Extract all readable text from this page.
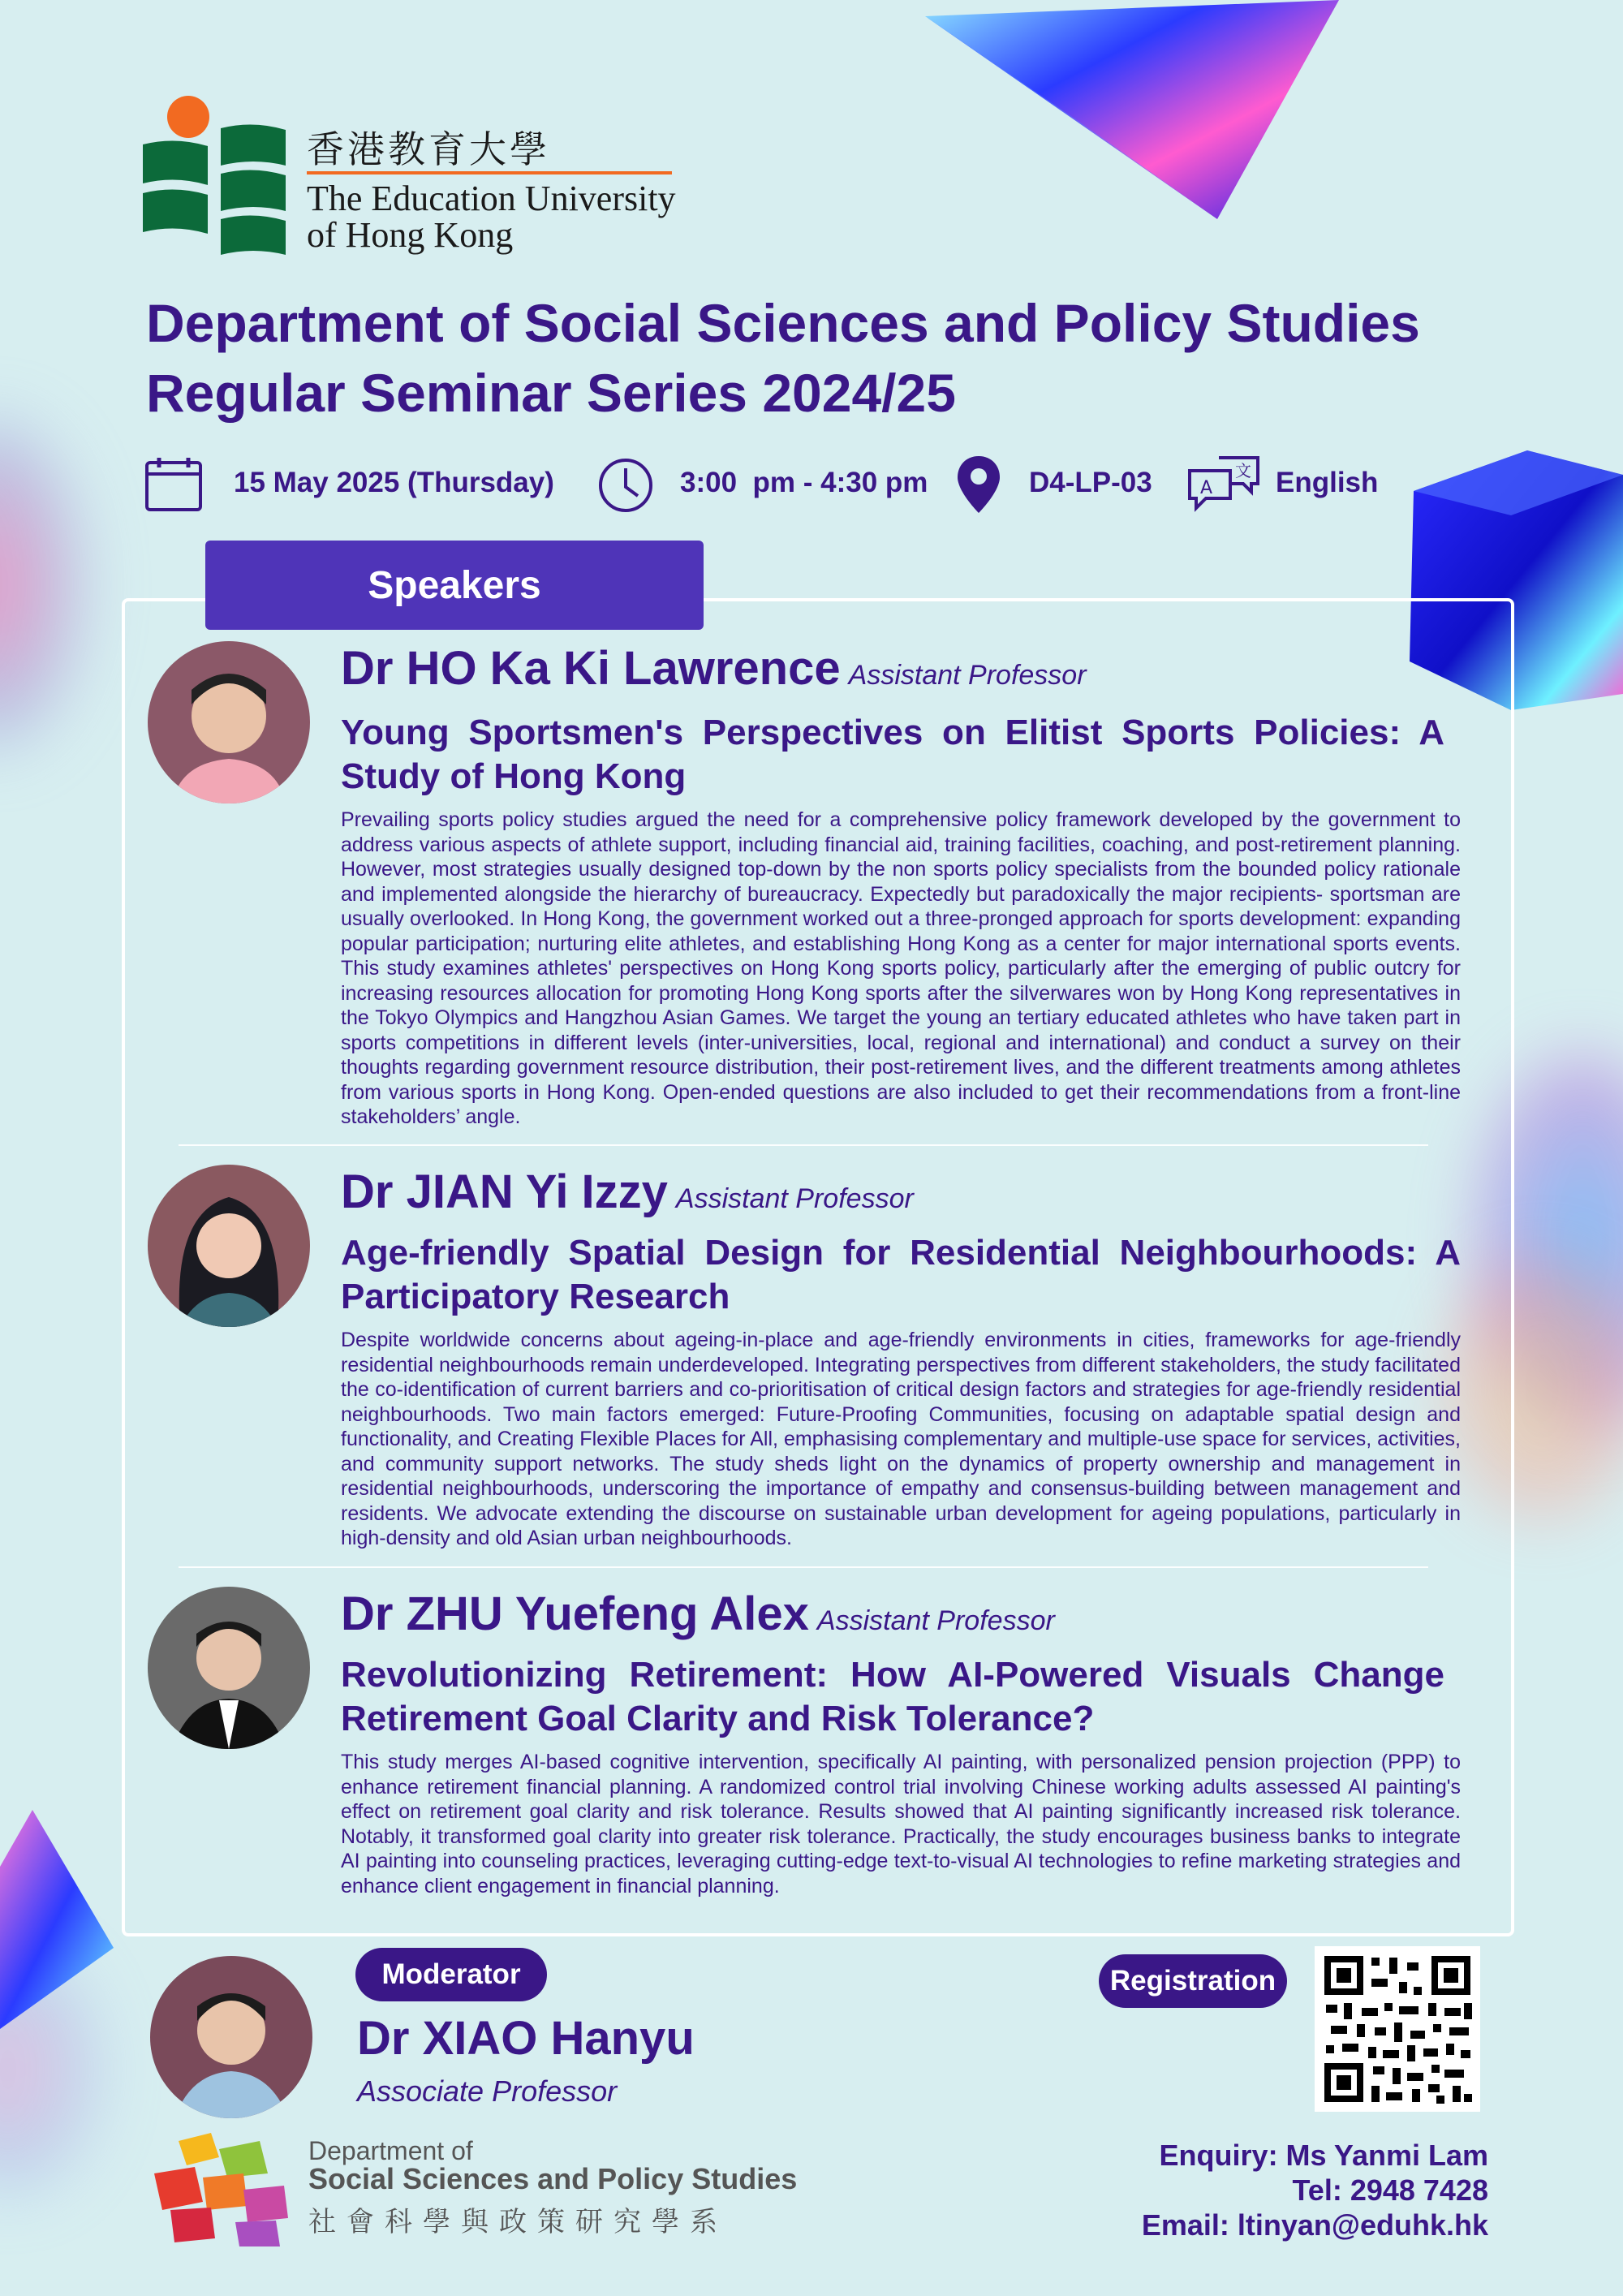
香港教育大學
The Education University
of Hong Kong
Department of Social Sciences and Policy Studies
Regular Seminar Series 2024/25
15 May 2025 (Thursday)	3:00  pm - 4:30 pm	D4-LP-03	A
文 English
Speakers
Dr HO Ka Ki Lawrence Assistant Professor
Young Sportsmen's Perspectives on Elitist Sports Policies: A Study of Hong Kong
Prevailing sports policy studies argued the need for a comprehensive policy framework developed by the government to address various aspects of athlete support, including financial aid, training facilities, coaching, and post-retirement planning. However, most strategies usually designed top-down by the non sports policy specialists from the bounded policy rationale and implemented alongside the hierarchy of bureaucracy. Expectedly but paradoxically the major recipients- sportsman are usually overlooked. In Hong Kong, the government worked out a three-pronged approach for sports development: expanding popular participation; nurturing elite athletes, and establishing Hong Kong as a center for major international sports events. This study examines athletes' perspectives on Hong Kong sports policy, particularly after the emerging of public outcry for increasing resources allocation for promoting Hong Kong sports after the silverwares won by Hong Kong representatives in the Tokyo Olympics and Hangzhou Asian Games. We target the young an tertiary educated athletes who have taken part in sports competitions in different levels (inter-universities, local, regional and international) and conduct a survey on their thoughts regarding government resource distribution, their post-retirement lives, and the different treatments among athletes from various sports in Hong Kong. Open-ended questions are also included to get their recommendations from a front-line stakeholders’ angle.
Dr JIAN Yi Izzy Assistant Professor
Age-friendly Spatial Design for Residential Neighbourhoods: A Participatory Research
Despite worldwide concerns about ageing-in-place and age-friendly environments in cities, frameworks for age-friendly residential neighbourhoods remain underdeveloped. Integrating perspectives from different stakeholders, the study facilitated the co-identification of current barriers and co-prioritisation of critical design factors and strategies for age-friendly residential neighbourhoods. Two main factors emerged: Future-Proofing Communities, focusing on adaptable spatial design and functionality, and Creating Flexible Places for All, emphasising complementary and multiple-use space for services, activities, and community support networks. The study sheds light on the dynamics of property ownership and management in residential neighbourhoods, underscoring the importance of empathy and consensus-building between management and residents. We advocate extending the discourse on sustainable urban development for ageing populations, particularly in high-density and old Asian urban neighbourhoods.
Dr ZHU Yuefeng Alex Assistant Professor
Revolutionizing Retirement: How AI-Powered Visuals Change Retirement Goal Clarity and Risk Tolerance?
This study merges AI-based cognitive intervention, specifically AI painting, with personalized pension projection (PPP) to enhance retirement financial planning. A randomized control trial involving Chinese working adults assessed AI painting's effect on retirement goal clarity and risk tolerance. Results showed that AI painting significantly increased risk tolerance. Notably, it transformed goal clarity into greater risk tolerance. Practically, the study encourages business banks to integrate AI painting into counseling practices, leveraging cutting-edge text-to-visual AI technologies to refine marketing strategies and enhance client engagement in financial planning.
Moderator
Dr XIAO Hanyu
Associate Professor
Registration
Department of
Social Sciences and Policy Studies
社會科學與政策研究學系
Enquiry: Ms Yanmi Lam
Tel: 2948 7428
Email: ltinyan@eduhk.hk
